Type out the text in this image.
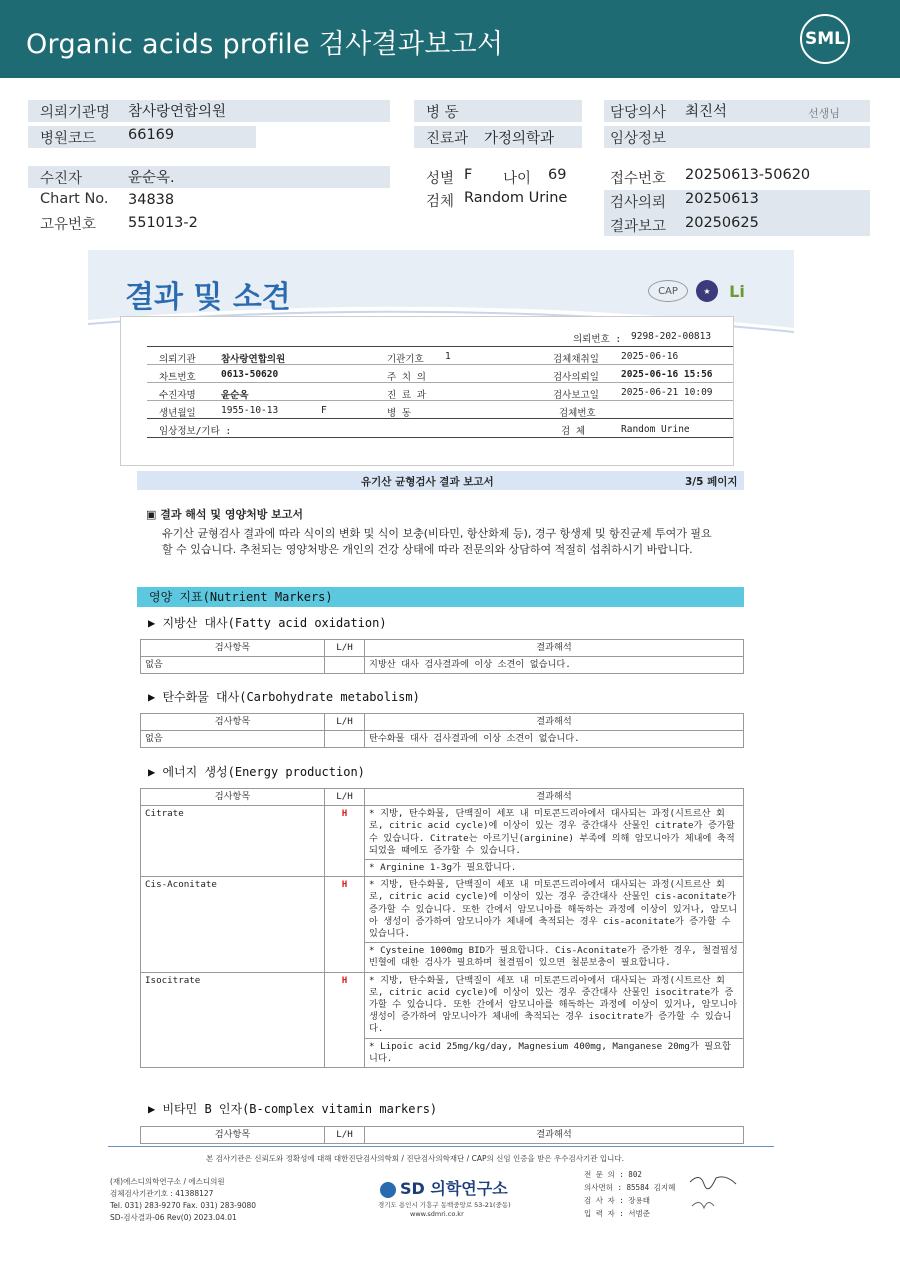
Organic acids profile 검사결과보고서	SML
의뢰기관명 참사랑연합의원
병원코드 66169
병 동
진료과 가정의학과
담당의사 최진석	선생님
임상정보
수진자	윤순옥.
Chart No. 34838
고유번호 551013-2
성별 F 나이 69
검체 Random Urine
접수번호 20250613-50620
검사의뢰 20250613
결과보고 20250625
결과 및 소견	CAP	★	Li
의뢰번호 : 9298-202-00813
의뢰기관	참사랑연합의원	기관기호 1	검체채취일 2025-06-16
차트번호	0613-50620	주 치 의	검사의뢰일 2025-06-16 15:56
수진자명	윤순옥	진 료 과	검사보고일 2025-06-21 10:09
생년월일	1955-10-13	F	병 동	검체번호
임상정보/기타 :	검 체	Random Urine
유기산 균형검사 결과 보고서	3/5 페이지
▣ 결과 해석 및 영양처방 보고서
유기산 균형검사 결과에 따라 식이의 변화 및 식이 보충(비타민, 항산화제 등), 경구 항생제 및 항진균제 투여가 필요할 수 있습니다. 추천되는 영양처방은 개인의 건강 상태에 따라 전문의와 상담하여 적절히 섭취하시기 바랍니다.
영양 지표(Nutrient Markers)
▶ 지방산 대사(Fatty acid oxidation)
검사항목	L/H	결과해석
없음		지방산 대사 검사결과에 이상 소견이 없습니다.
▶ 탄수화물 대사(Carbohydrate metabolism)
검사항목	L/H	결과해석
없음		탄수화물 대사 검사결과에 이상 소견이 없습니다.
▶ 에너지 생성(Energy production)
검사항목	L/H	결과해석
Citrate	H	* 지방, 탄수화물, 단백질이 세포 내 미토콘드리아에서 대사되는 과정(시트르산 회로, citric acid cycle)에 이상이 있는 경우 중간대사 산물인 citrate가 증가할 수 있습니다. Citrate는 아르기닌(arginine) 부족에 의해 암모니아가 체내에 축적되었을 때에도 증가할 수 있습니다.
		* Arginine 1-3g가 필요합니다.
Cis-Aconitate	H	* 지방, 탄수화물, 단백질이 세포 내 미토콘드리아에서 대사되는 과정(시트르산 회로, citric acid cycle)에 이상이 있는 경우 중간대사 산물인 cis-aconitate가 증가할 수 있습니다. 또한 간에서 암모니아를 해독하는 과정에 이상이 있거나, 암모니아 생성이 증가하여 암모니아가 체내에 축적되는 경우 cis-aconitate가 증가할 수 있습니다.
		* Cysteine 1000mg BID가 필요합니다. Cis-Aconitate가 증가한 경우, 철결핍성 빈혈에 대한 검사가 필요하며 철결핍이 있으면 철분보충이 필요합니다.
Isocitrate	H	* 지방, 탄수화물, 단백질이 세포 내 미토콘드리아에서 대사되는 과정(시트르산 회로, citric acid cycle)에 이상이 있는 경우 중간대사 산물인 isocitrate가 증가할 수 있습니다. 또한 간에서 암모니아를 해독하는 과정에 이상이 있거나, 암모니아 생성이 증가하여 암모니아가 체내에 축적되는 경우 isocitrate가 증가할 수 있습니다.
		* Lipoic acid 25mg/kg/day, Magnesium 400mg, Manganese 20mg가 필요합니다.
▶ 비타민 B 인자(B-complex vitamin markers)
검사항목	L/H	결과해석
본 검사기관은 신뢰도와 정확성에 대해 대한진단검사의학회 / 진단검사의학재단 / CAP의 신임 인증을 받은 우수검사기관 입니다.
(재)에스디의학연구소 / 에스디의원
검체검사기관기호 : 41388127
Tel. 031) 283-9270 Fax. 031) 283-9080
SD-검사결과-06 Rev(0) 2023.04.01
SD 의학연구소
경기도 용인시 기흥구 동백중앙로 53-21(중동)
www.sdmri.co.kr
전 문 의 : 802
의사면허 : 85584 김지혜
검 사 자 : 장용태
입 력 자 : 서범준
